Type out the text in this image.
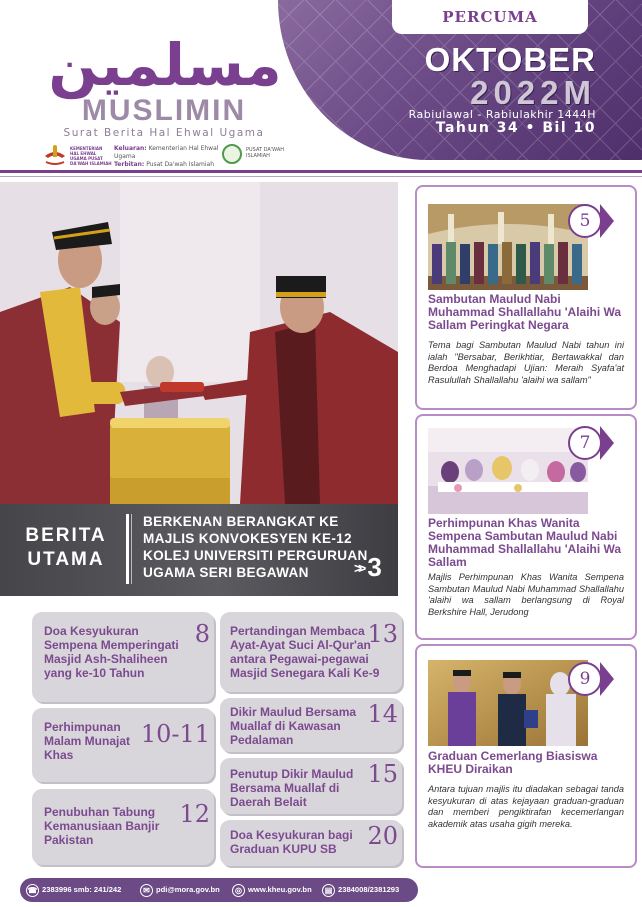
PERCUMA
OKTOBER
2022M
Rabiulawal - Rabiulakhir 1444H
Tahun 34 • Bil 10
مسلمين
MUSLIMIN
Surat Berita Hal Ehwal Ugama
KEMENTERIAN HAL EHWAL UGAMA PUSAT DA'WAH ISLAMIAH
Keluaran: Kementerian Hal Ehwal Ugama
Terbitan: Pusat Da'wah Islamiah
PUSAT DA'WAH ISLAMIAH
BERITA UTAMA
BERKENAN BERANGKAT KE MAJLIS KONVOKESYEN KE-12 KOLEJ UNIVERSITI PERGURUAN UGAMA SERI BEGAWAN	>> 3
Doa Kesyukuran Sempena Memperingati Masjid Ash-Shaliheen yang ke-10 Tahun
8
Perhimpunan Malam Munajat Khas
10-11
Penubuhan Tabung Kemanusiaan Banjir Pakistan
12
Pertandingan Membaca Ayat-Ayat Suci Al-Qur'an antara Pegawai-pegawai Masjid Senegara Kali Ke-9
13
Dikir Maulud Bersama Muallaf di Kawasan Pedalaman
14
Penutup Dikir Maulud Bersama Muallaf di Daerah Belait
15
Doa Kesyukuran bagi Graduan KUPU SB	20
5
Sambutan Maulud Nabi Muhammad Shallallahu 'Alaihi Wa Sallam Peringkat Negara
Tema bagi Sambutan Maulud Nabi tahun ini ialah "Bersabar, Berikhtiar, Bertawakkal dan Berdoa Menghadapi Ujian: Meraih Syafa'at Rasulullah Shallallahu 'alaihi wa sallam"
7
Perhimpunan Khas Wanita Sempena Sambutan Maulud Nabi Muhammad Shallallahu 'Alaihi Wa Sallam
Majlis Perhimpunan Khas Wanita Sempena Sambutan Maulud Nabi Muhammad Shallallahu 'alaihi wa sallam berlangsung di Royal Berkshire Hall, Jerudong
9
Graduan Cemerlang Biasiswa KHEU Diraikan
Antara tujuan majlis itu diadakan sebagai tanda kesyukuran di atas kejayaan graduan-graduan dan memberi pengiktirafan kecemerlangan akademik atas usaha gigih mereka.
☎ 2383996 smb: 241/242	✉ pdi@mora.gov.bn	◎ www.kheu.gov.bn	▤ 2384008/2381293
